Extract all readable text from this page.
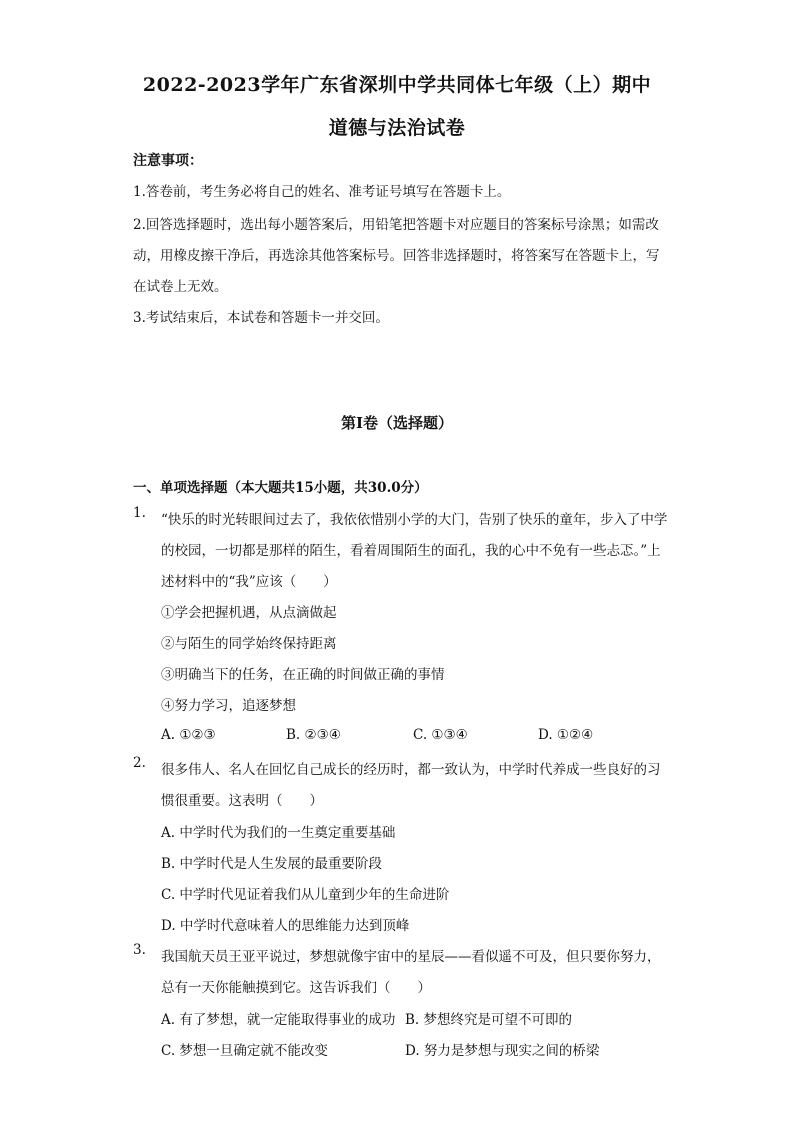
2022-2023学年广东省深圳中学共同体七年级（上）期中
道德与法治试卷
注意事项：
1.答卷前，考生务必将自己的姓名、准考证号填写在答题卡上。
2.回答选择题时，选出每小题答案后，用铅笔把答题卡对应题目的答案标号涂黑；如需改动，用橡皮擦干净后，再选涂其他答案标号。回答非选择题时，将答案写在答题卡上，写在试卷上无效。
3.考试结束后，本试卷和答题卡一并交回。
第Ⅰ卷（选择题）
一、单项选择题（本大题共15小题，共30.0分）
1. “快乐的时光转眼间过去了，我依依惜别小学的大门，告别了快乐的童年，步入了中学的校园，一切都是那样的陌生，看着周围陌生的面孔，我的心中不免有一些忐忑。”上述材料中的“我”应该（　　）
①学会把握机遇，从点滴做起
②与陌生的同学始终保持距离
③明确当下的任务，在正确的时间做正确的事情
④努力学习，追逐梦想
A. ①②③	B. ②③④	C. ①③④	D. ①②④
2. 很多伟人、名人在回忆自己成长的经历时，都一致认为，中学时代养成一些良好的习惯很重要。这表明（　　）
A. 中学时代为我们的一生奠定重要基础
B. 中学时代是人生发展的最重要阶段
C. 中学时代见证着我们从儿童到少年的生命进阶
D. 中学时代意味着人的思维能力达到顶峰
3. 我国航天员王亚平说过，梦想就像宇宙中的星辰——看似遥不可及，但只要你努力，总有一天你能触摸到它。这告诉我们（　　）
A. 有了梦想，就一定能取得事业的成功 B. 梦想终究是可望不可即的
C. 梦想一旦确定就不能改变	D. 努力是梦想与现实之间的桥梁
